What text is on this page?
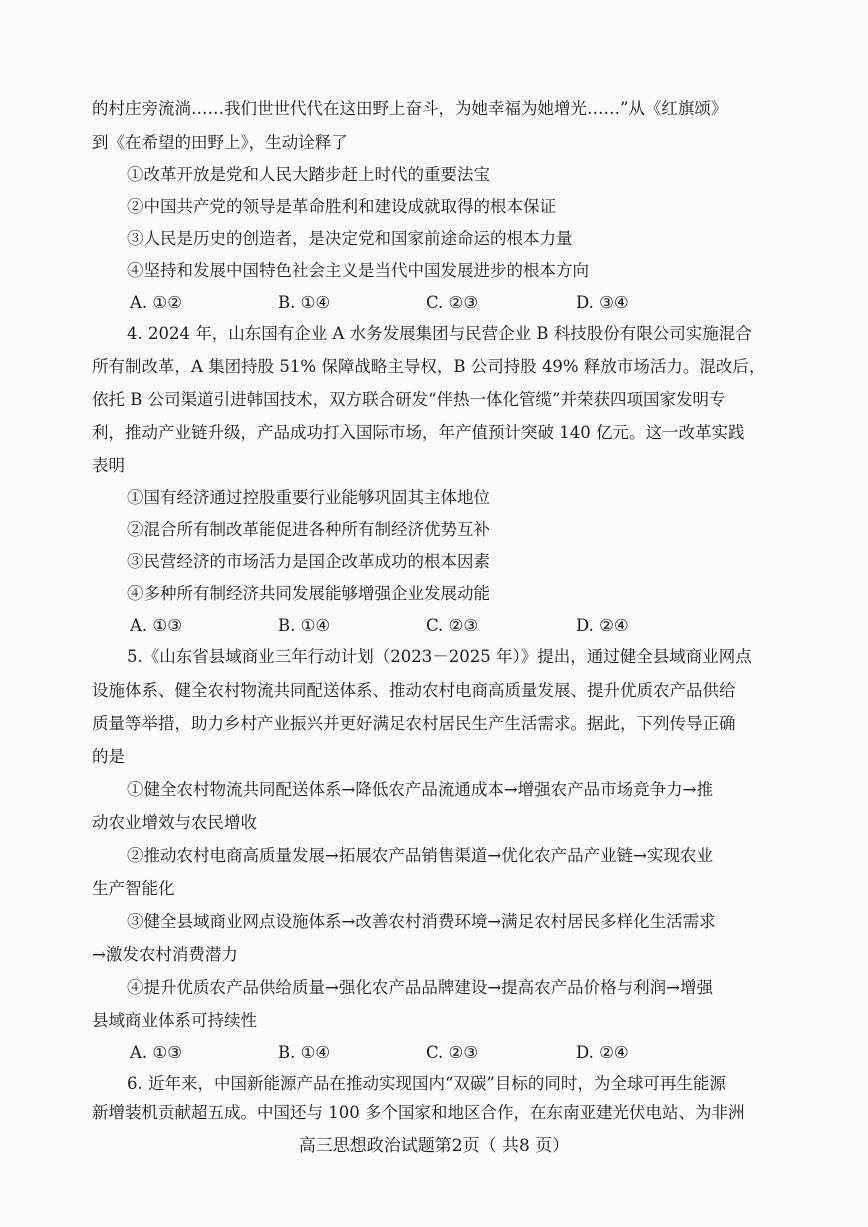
的村庄旁流淌……我们世世代代在这田野上奋斗，为她幸福为她增光……”从《红旗颂》
到《在希望的田野上》，生动诠释了
①改革开放是党和人民大踏步赶上时代的重要法宝
②中国共产党的领导是革命胜利和建设成就取得的根本保证
③人民是历史的创造者，是决定党和国家前途命运的根本力量
④坚持和发展中国特色社会主义是当代中国发展进步的根本方向
A. ①②	B. ①④	C. ②③	D. ③④
4. 2024 年，山东国有企业 A 水务发展集团与民营企业 B 科技股份有限公司实施混合
所有制改革，A 集团持股 51% 保障战略主导权，B 公司持股 49% 释放市场活力。混改后，
依托 B 公司渠道引进韩国技术，双方联合研发“伴热一体化管缆”并荣获四项国家发明专
利，推动产业链升级，产品成功打入国际市场，年产值预计突破 140 亿元。这一改革实践
表明
①国有经济通过控股重要行业能够巩固其主体地位
②混合所有制改革能促进各种所有制经济优势互补
③民营经济的市场活力是国企改革成功的根本因素
④多种所有制经济共同发展能够增强企业发展动能
A. ①③	B. ①④	C. ②③	D. ②④
5.《山东省县域商业三年行动计划（2023－2025 年）》提出，通过健全县域商业网点
设施体系、健全农村物流共同配送体系、推动农村电商高质量发展、提升优质农产品供给
质量等举措，助力乡村产业振兴并更好满足农村居民生产生活需求。据此，下列传导正确
的是
①健全农村物流共同配送体系→降低农产品流通成本→增强农产品市场竞争力→推
动农业增效与农民增收
②推动农村电商高质量发展→拓展农产品销售渠道→优化农产品产业链→实现农业
生产智能化
③健全县域商业网点设施体系→改善农村消费环境→满足农村居民多样化生活需求
→激发农村消费潜力
④提升优质农产品供给质量→强化农产品品牌建设→提高农产品价格与利润→增强
县域商业体系可持续性
A. ①③	B. ①④	C. ②③	D. ②④
6. 近年来，中国新能源产品在推动实现国内“双碳”目标的同时，为全球可再生能源
新增装机贡献超五成。中国还与 100 多个国家和地区合作，在东南亚建光伏电站、为非洲
高三思想政治试题第2页（ 共8 页）
